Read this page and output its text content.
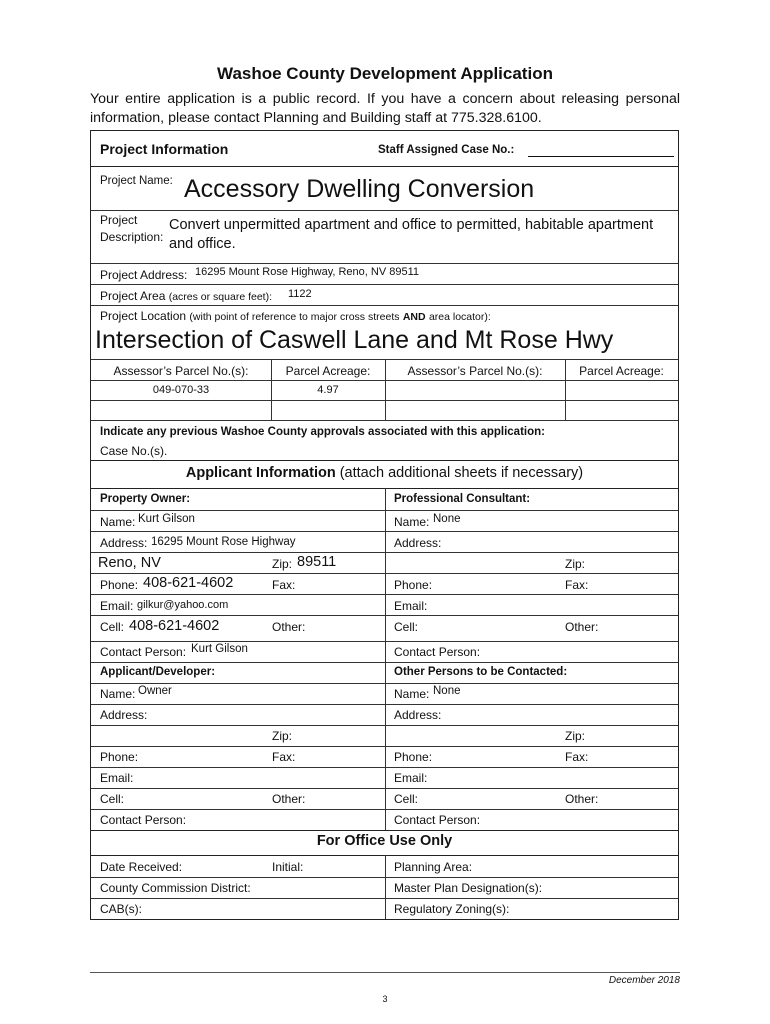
Washoe County Development Application
Your entire application is a public record. If you have a concern about releasing personal information, please contact Planning and Building staff at 775.328.6100.
Project Information	Staff Assigned Case No.:
Project Name: Accessory Dwelling Conversion
Project
Description:
Convert unpermitted apartment and office to permitted, habitable apartment
and office.
Project Address: 16295 Mount Rose Highway, Reno, NV 89511
Project Area (acres or square feet): 1122
Project Location (with point of reference to major cross streets AND area locator):
Intersection of Caswell Lane and Mt Rose Hwy
Assessor’s Parcel No.(s):	Parcel Acreage:	Assessor’s Parcel No.(s):	Parcel Acreage:
049-070-33	4.97
Indicate any previous Washoe County approvals associated with this application:
Case No.(s).
Applicant Information (attach additional sheets if necessary)
Property Owner:	Professional Consultant:
Name: Kurt Gilson	Name: None
Address: 16295 Mount Rose Highway	Address:
Reno, NV	Zip: 89511	Zip:
Phone: 408-621-4602	Fax:	Phone:	Fax:
Email: gilkur@yahoo.com	Email:
Cell: 408-621-4602	Other:	Cell:	Other:
Contact Person: Kurt Gilson	Contact Person:
Applicant/Developer:	Other Persons to be Contacted:
Name: Owner	Name: None
Address:	Address:
Zip:	Zip:
Phone:	Fax:	Phone:	Fax:
Email:	Email:
Cell:	Other:	Cell:	Other:
Contact Person:	Contact Person:
For Office Use Only
Date Received:	Initial:	Planning Area:
County Commission District:	Master Plan Designation(s):
CAB(s):	Regulatory Zoning(s):
December 2018
3
